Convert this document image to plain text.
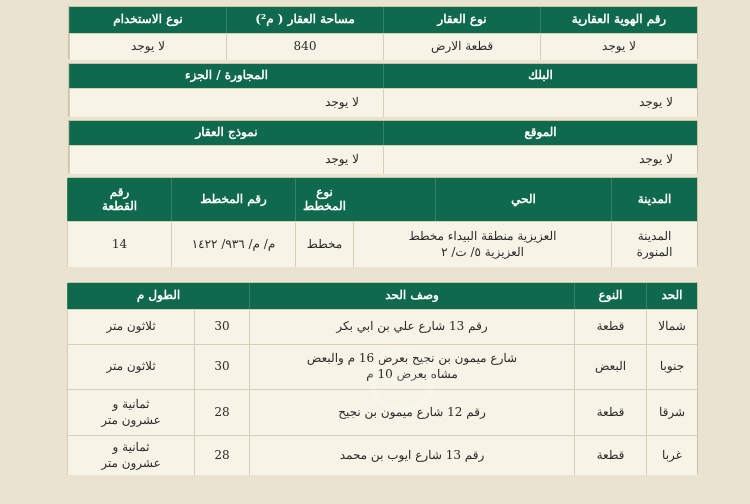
رقم الهوية العقارية
نوع العقار
مساحة العقار ( م²)
نوع الاستخدام
لا يوجد
قطعة الارض
840
لا يوجد
البلك
المجاورة / الجزء
لا يوجد
لا يوجد
الموقع
نموذج العقار
لا يوجد
لا يوجد
المدينة
الحي
نوع
المخطط
رقم المخطط
رقم
القطعة
المدينة
المنورة
العزيزية منطقة البيداء مخطط
العزيزية ٥/ ت/ ٢
مخطط
م/ م/ ٩٣٦/ ١٤٢٢
14
الحد
النوع
وصف الحد
الطول م
شمالا
قطعة
رقم 13 شارع علي بن ابي بكر
30
ثلاثون متر
جنوبا
البعض
شارع ميمون بن نجيح بعرض 16 م والبعض
مشاه بعرض 10 م
30
ثلاثون متر
شرقا
قطعة
رقم 12 شارع ميمون بن نجيح
28
ثمانية و
عشرون متر
غربا
قطعة
رقم 13 شارع ايوب بن محمد
28
ثمانية و
عشرون متر
